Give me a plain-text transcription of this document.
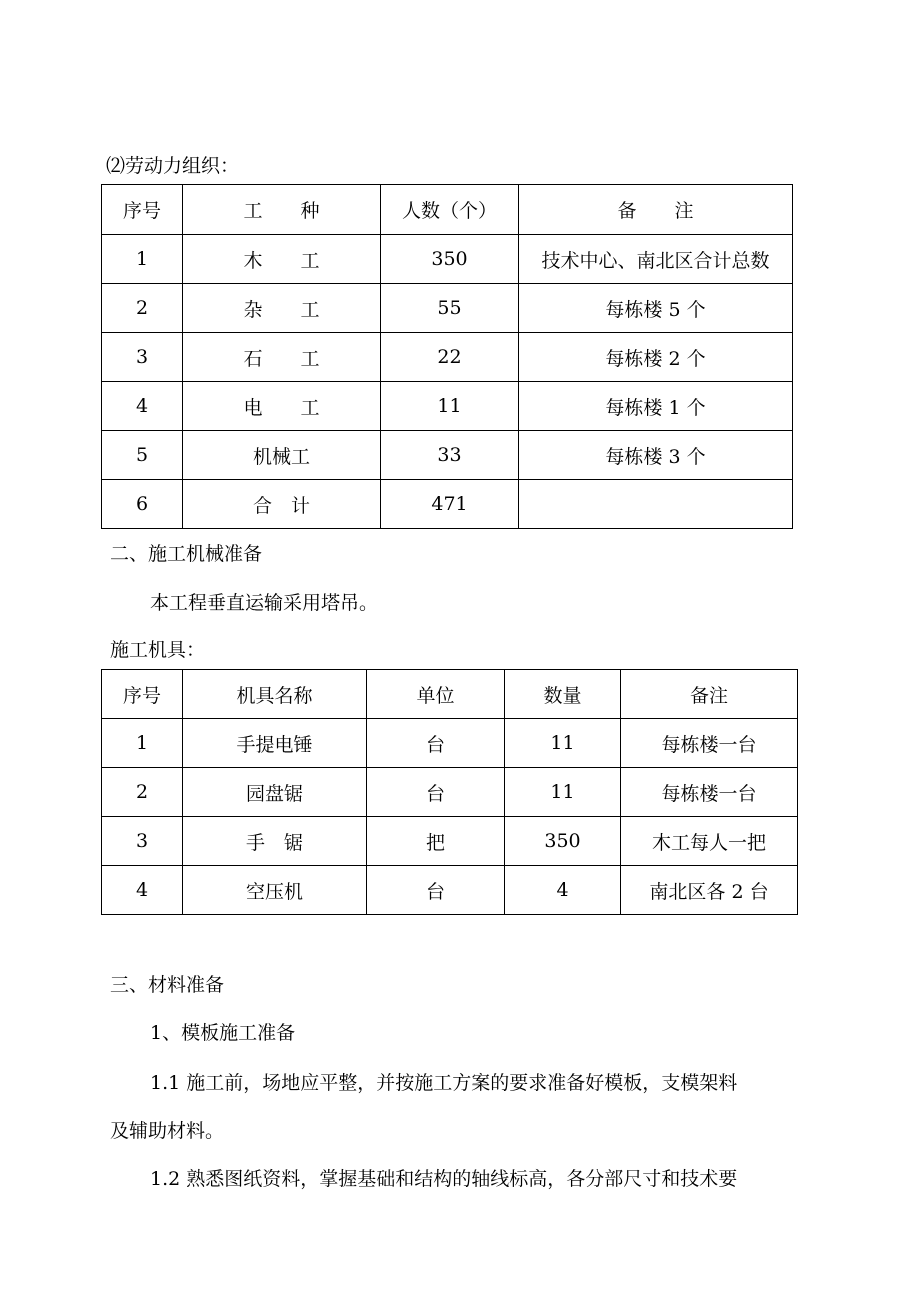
⑵劳动力组织：
序号	工　　种	人数（个）	备　　注
1	木　　工	350	技术中心、南北区合计总数
2	杂　　工	55	每栋楼 5 个
3	石　　工	22	每栋楼 2 个
4	电　　工	11	每栋楼 1 个
5	机械工	33	每栋楼 3 个
6	合　计	471	
二、施工机械准备
本工程垂直运输采用塔吊。
施工机具：
序号	机具名称	单位	数量	备注
1	手提电锤	台	11	每栋楼一台
2	园盘锯	台	11	每栋楼一台
3	手　锯	把	350	木工每人一把
4	空压机	台	4	南北区各 2 台
三、材料准备
1、模板施工准备
1.1 施工前，场地应平整，并按施工方案的要求准备好模板，支模架料
及辅助材料。
1.2 熟悉图纸资料，掌握基础和结构的轴线标高，各分部尺寸和技术要
